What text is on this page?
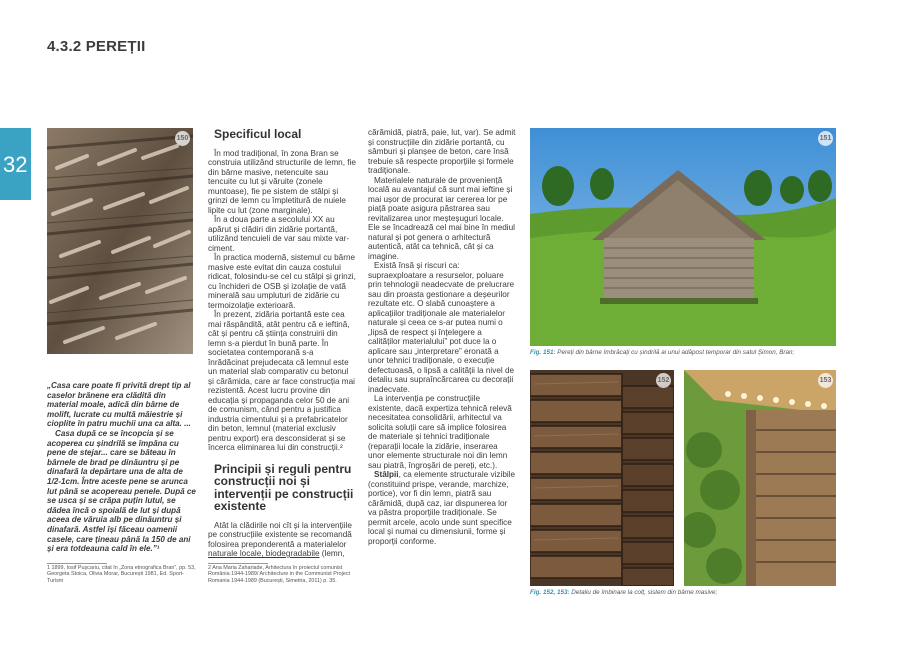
4.3.2 PEREȚII
32
150

„Casa care poate fi privită drept tip al caselor brănene era clădită din material moale, adică din bârne de molift, lucrate cu multă măiestrie și cioplite în patru muchii una ca alta. ...

Casa după ce se încopcia și se acoperea cu șindrilă se împăna cu pene de stejar... care se băteau în bârnele de brad pe dinăuntru și pe dinafară la depărtare una de alta de 1/2-1cm. Între aceste pene se arunca lut până se acopereau penele. După ce se usca și se crăpa puțin lutul, se dădea încă o spoială de lut și după aceea de văruia alb pe dinăuntru și dinafară. Astfel își făceau oamenii casele, care țineau până la 150 de ani și era totdeauna cald în ele.”¹

1 1899, Iosif Pușcariu, citat în „Zona etnografica Bran”, pp. 53, Georgeta Stoica, Olivia Morar, București 1981, Ed. Sport-Turism
2 Ana Maria Zahariade, Arhitectura în proiectul comunist România 1944-1989/ Architecture in the Communist Project Romania 1944-1989 (București, Simetria, 2011) p. 35.
Specificul local

În mod tradițional, în zona Bran se construia utilizând structurile de lemn, fie din bârne masive, netencuite sau tencuite cu lut și văruite (zonele muntoase), fie pe sistem de stâlpi și grinzi de lemn cu împletitură de nuiele lipite cu lut (zone marginale).

În a doua parte a secolului XX au apărut și clădiri din zidărie portantă, utilizând tencuieli de var sau mixte var-ciment.

În practica modernă, sistemul cu bârne masive este evitat din cauza costului ridicat, folosindu-se cel cu stâlpi și grinzi, cu închideri de OSB și izolație de vată minerală sau umpluturi de zidărie cu termoizolație exterioară.

În prezent, zidăria portantă este cea mai răspândită, atât pentru că e ieftină, cât și pentru că știința construirii din lemn s-a pierdut în bună parte. În societatea contemporană s-a înrădăcinat prejudecata că lemnul este un material slab comparativ cu betonul și cărămida, care ar face construcția mai rezistentă. Acest lucru provine din educația și propaganda celor 50 de ani de comunism, când pentru a justifica industria cimentului și a prefabricatelor din beton, lemnul (material exclusiv pentru export) era desconsiderat și se încerca eliminarea lui din construcții.²

Principii și reguli pentru construcții noi și intervenții pe construcții existente

Atât la clădirile noi cît și la intervențiile pe construcțiile existente se recomandă folosirea preponderentă a materialelor naturale locale, biodegradabile (lemn,

cărămidă, piatră, paie, lut, var). Se admit și construcțiile din zidărie portantă, cu sâmburi și planșee de beton, care însă trebuie să respecte proporțiile și formele tradiționale.

Materialele naturale de proveniență locală au avantajul că sunt mai ieftine și mai ușor de procurat iar cererea lor pe piață poate asigura păstrarea sau revitalizarea unor meșteșuguri locale. Ele se încadrează cel mai bine în mediul natural și pot genera o arhitectură autentică, atât ca tehnică, cât și ca imagine.

Există însă și riscuri ca: supraexploatare a resurselor, poluare prin tehnologii neadecvate de prelucrare sau din proasta gestionare a deșeurilor rezultate etc. O slabă cunoaștere a aplicațiilor tradiționale ale materialelor naturale și ceea ce s-ar putea numi o „lipsă de respect și înțelegere a calităților materialului” pot duce la o aplicare sau „interpretare” eronată a unor tehnici tradiționale, o execuție defectuoasă, o lipsă a calității la nivel de detaliu sau supraîncărcarea cu decorații inadecvate.

La intervenția pe construcțiile existente, dacă expertiza tehnică relevă necesitatea consolidării, arhitectul va solicita soluții care să implice folosirea de materiale și tehnici tradiționale (reparații locale la zidărie, inserarea unor elemente structurale noi din lemn sau piatră, îngroșări de pereți, etc.).

Stâlpii, ca elemente structurale vizibile (constituind prispe, verande, marchize, portice), vor fi din lemn, piatră sau cărămidă, după caz, iar dispunerea lor va păstra proporțiile tradiționale. Se permit arcele, acolo unde sunt specifice local și numai cu dimensiunii, forme și proporții conforme.

151
Fig. 151: Pereți din bârne îmbrăcați cu șindrilă ai unui adăpost temporar din satul Șimon, Bran;
152	153
Fig. 152, 153: Detaliu de îmbinare la colț, sistem din bârne masive;
